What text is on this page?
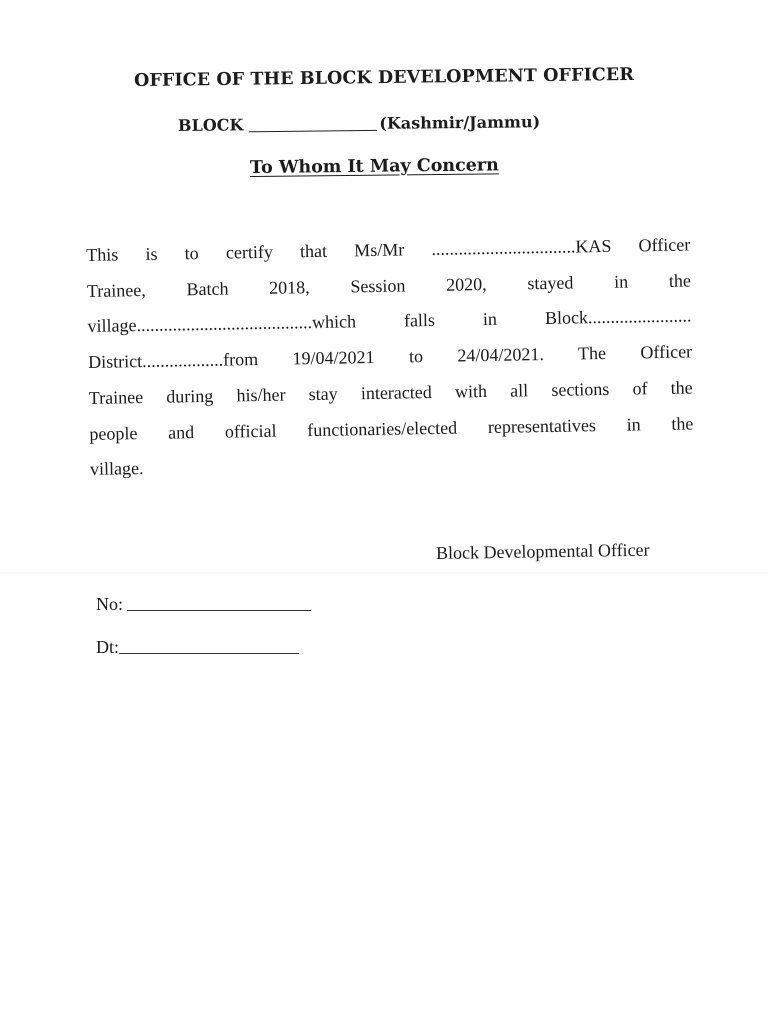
OFFICE OF THE BLOCK DEVELOPMENT OFFICER
BLOCK	(Kashmir/Jammu)
To Whom It May Concern
This is to certify that Ms/Mr ................................KAS Officer
Trainee, Batch 2018, Session 2020, stayed in the
village.......................................which falls in Block.......................
District..................from 19/04/2021 to 24/04/2021. The Officer
Trainee during his/her stay interacted with all sections of the
people and official functionaries/elected representatives in the
village.
Block Developmental Officer
No:
Dt:
